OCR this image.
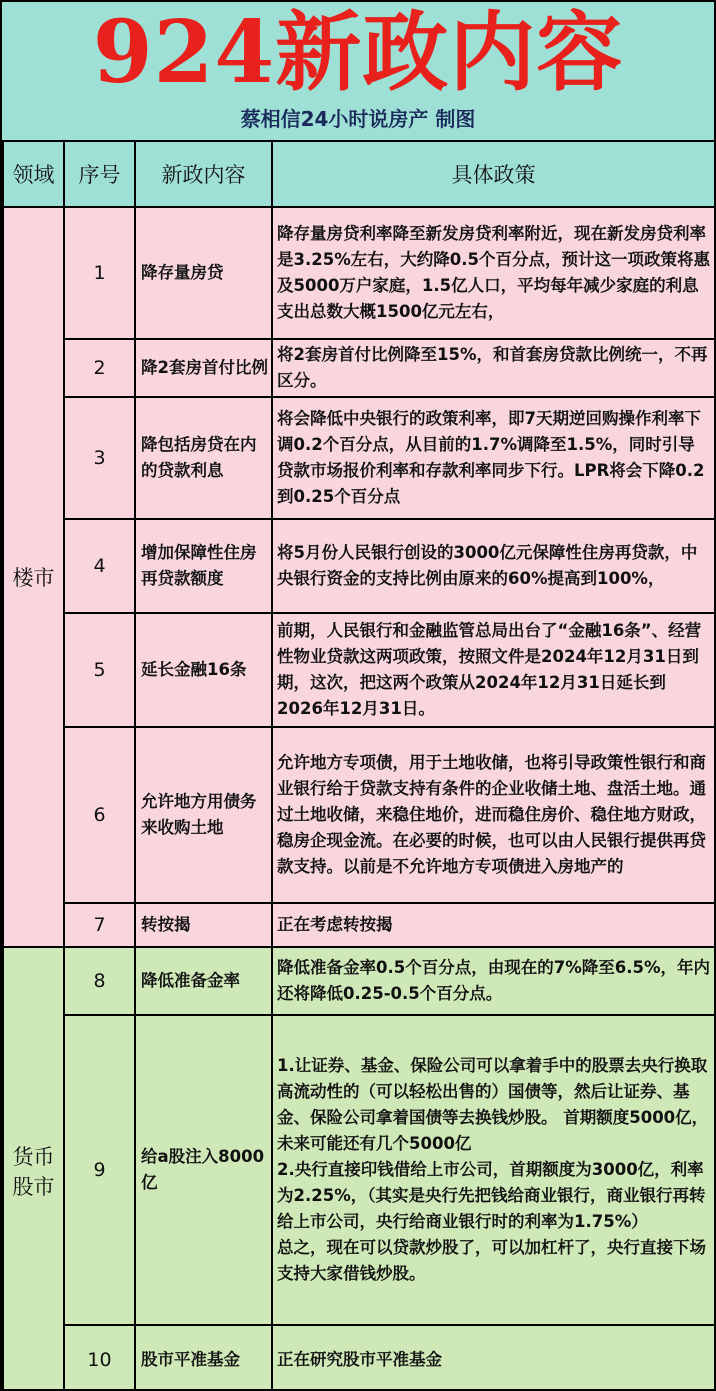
924新政内容
蔡相信24小时说房产 制图
领域	序号	新政内容	具体政策
楼市	1	降存量房贷	降存量房贷利率降至新发房贷利率附近，现在新发房贷利率是3.25%左右，大约降0.5个百分点，预计这一项政策将惠及5000万户家庭，1.5亿人口，平均每年减少家庭的利息支出总数大概1500亿元左右，
	2	降2套房首付比例	将2套房首付比例降至15%，和首套房贷款比例统一，不再区分。
	3	降包括房贷在内的贷款利息	将会降低中央银行的政策利率，即7天期逆回购操作利率下调0.2个百分点，从目前的1.7%调降至1.5%，同时引导贷款市场报价利率和存款利率同步下行。LPR将会下降0.2到0.25个百分点
	4	增加保障性住房再贷款额度	将5月份人民银行创设的3000亿元保障性住房再贷款，中央银行资金的支持比例由原来的60%提高到100%，
	5	延长金融16条	前期，人民银行和金融监管总局出台了“金融16条”、经营性物业贷款这两项政策，按照文件是2024年12月31日到期，这次，把这两个政策从2024年12月31日延长到2026年12月31日。
	6	允许地方用债务来收购土地	允许地方专项债，用于土地收储，也将引导政策性银行和商业银行给于贷款支持有条件的企业收储土地、盘活土地。通过土地收储，来稳住地价，进而稳住房价、稳住地方财政，稳房企现金流。在必要的时候，也可以由人民银行提供再贷款支持。以前是不允许地方专项债进入房地产的
	7	转按揭	正在考虑转按揭
货币股市	8	降低准备金率	降低准备金率0.5个百分点，由现在的7%降至6.5%，年内还将降低0.25-0.5个百分点。
	9	给a股注入8000亿	1.让证券、基金、保险公司可以拿着手中的股票去央行换取高流动性的（可以轻松出售的）国债等，然后让证券、基金、保险公司拿着国债等去换钱炒股。 首期额度5000亿，未来可能还有几个5000亿
2.央行直接印钱借给上市公司，首期额度为3000亿，利率为2.25%，（其实是央行先把钱给商业银行，商业银行再转给上市公司，央行给商业银行时的利率为1.75%）
总之，现在可以贷款炒股了，可以加杠杆了，央行直接下场支持大家借钱炒股。
	10	股市平准基金	正在研究股市平准基金
